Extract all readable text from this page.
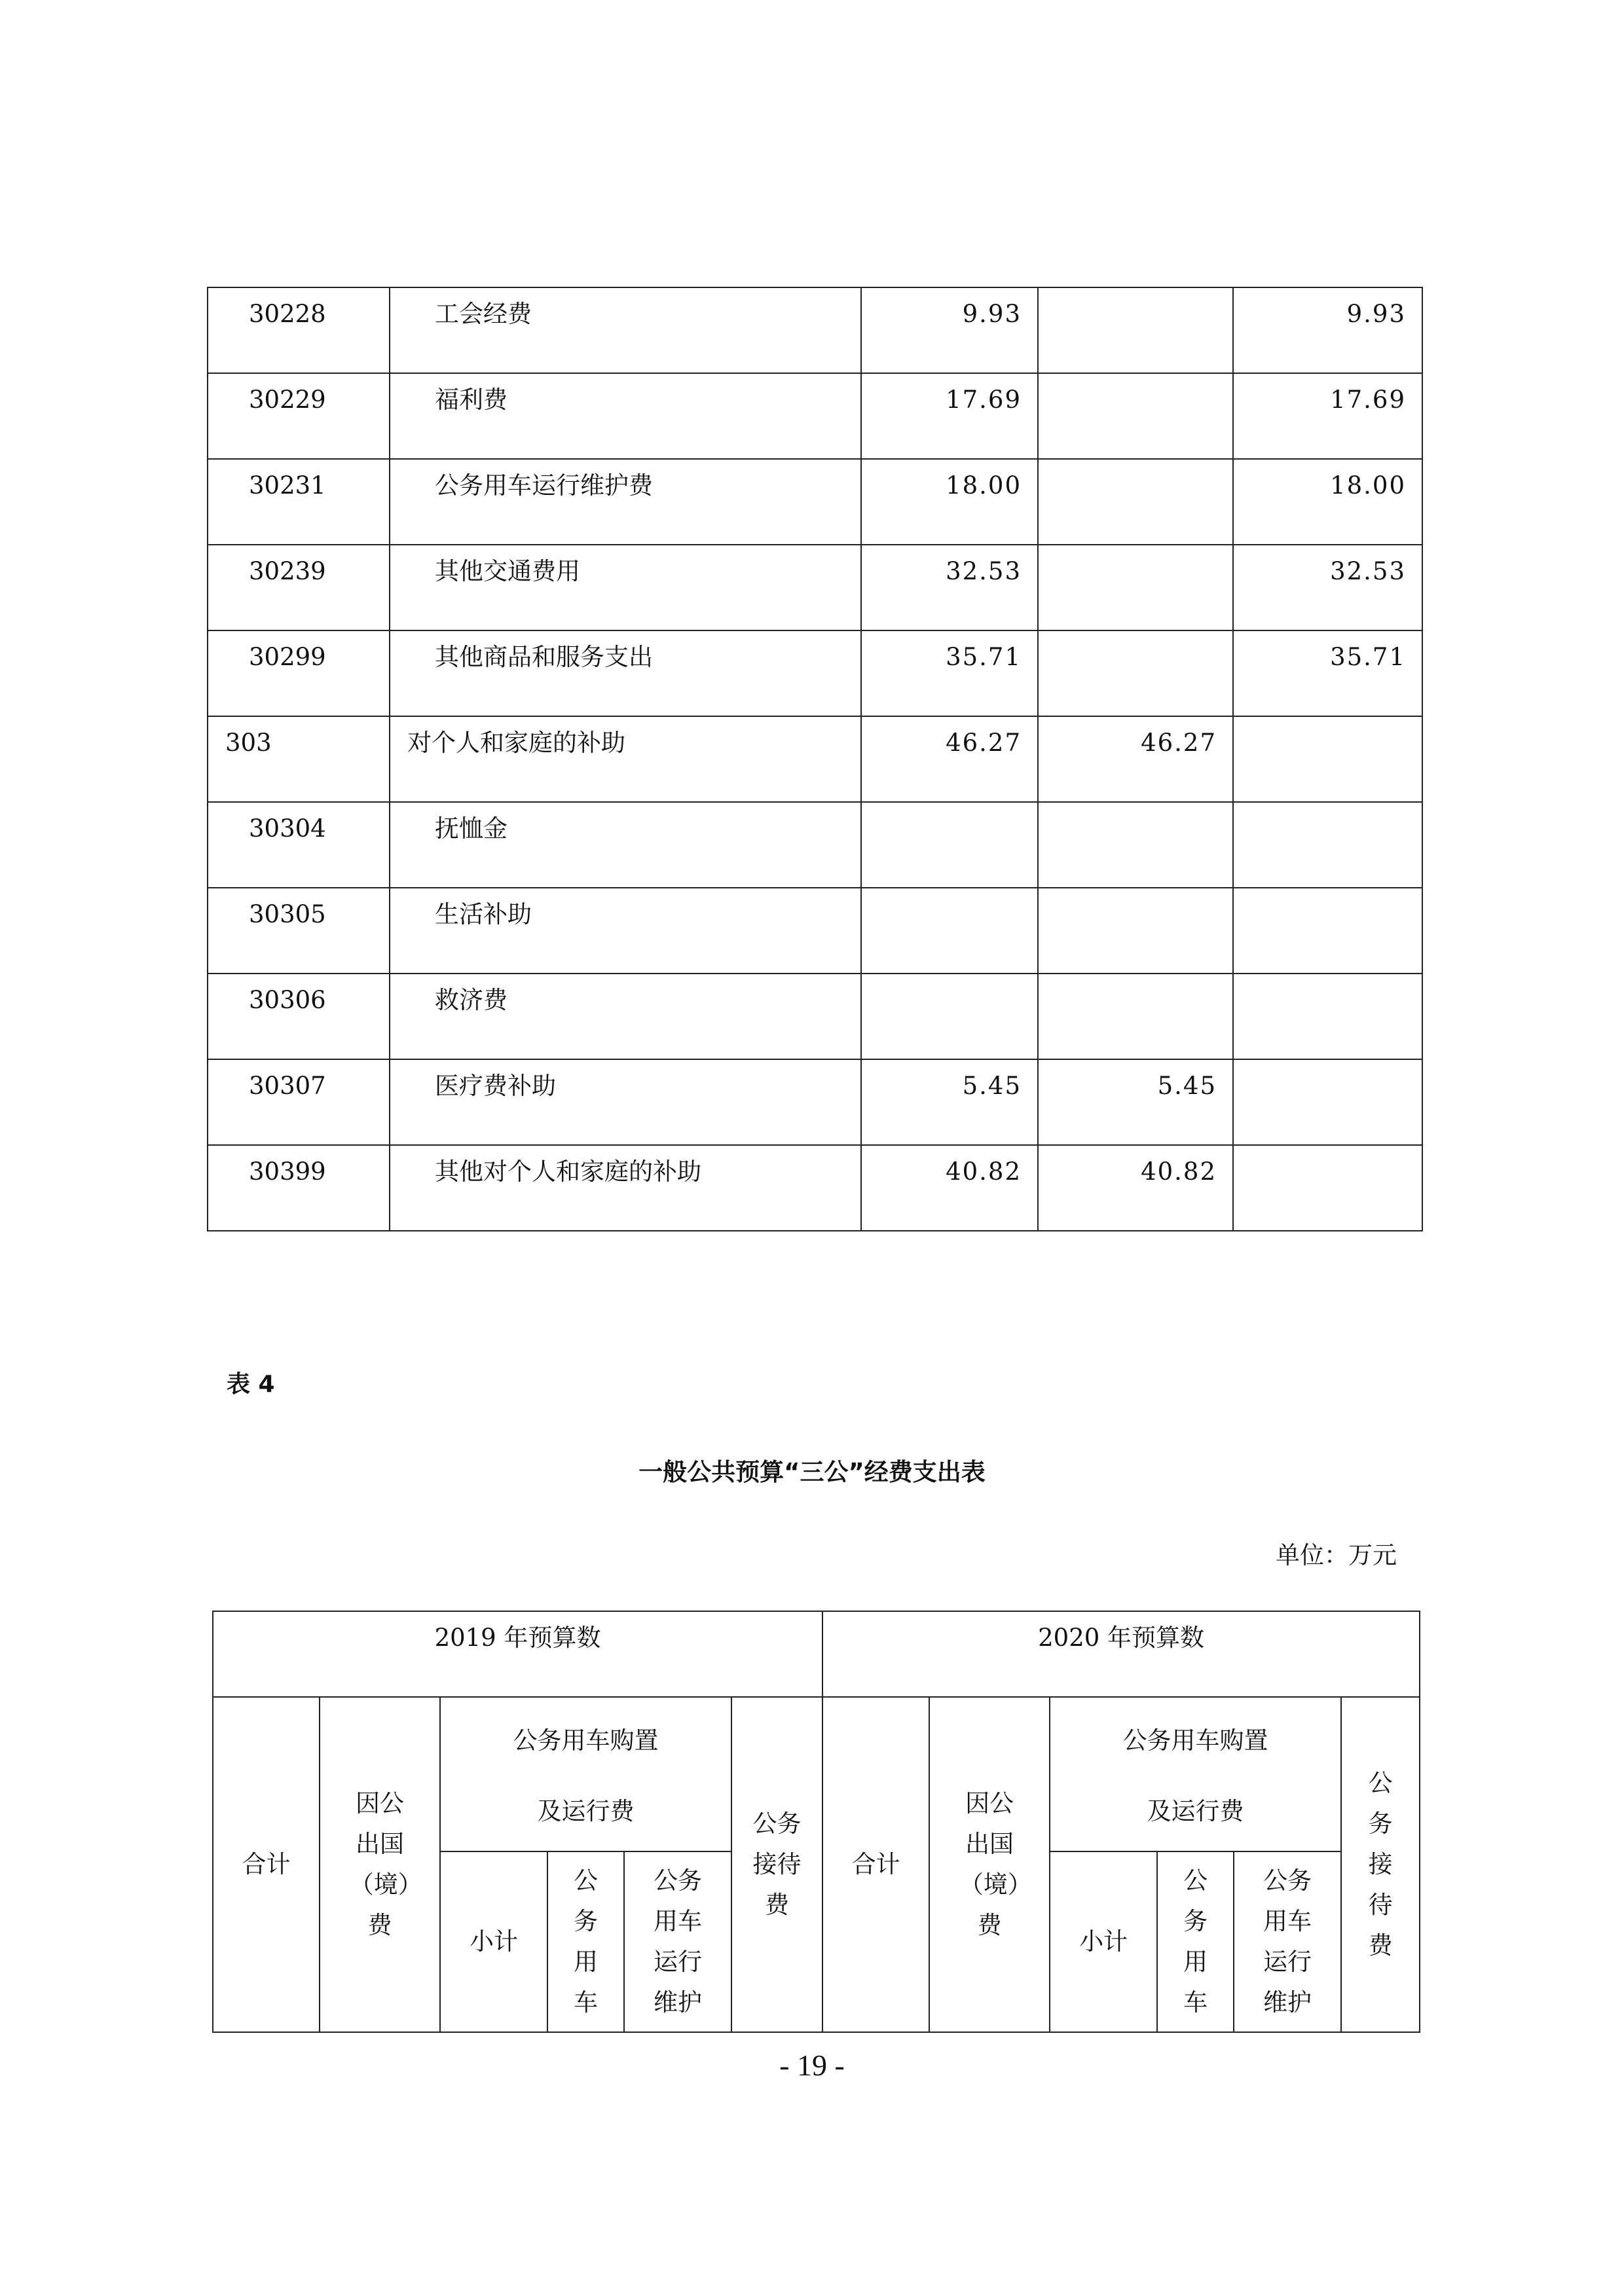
30228	工会经费	9.93		9.93
30229	福利费	17.69		17.69
30231	公务用车运行维护费	18.00		18.00
30239	其他交通费用	32.53		32.53
30299	其他商品和服务支出	35.71		35.71
303	对个人和家庭的补助	46.27	46.27	
30304	抚恤金			
30305	生活补助			
30306	救济费			
30307	医疗费补助	5.45	5.45	
30399	其他对个人和家庭的补助	40.82	40.82	
表 4
一般公共预算“三公”经费支出表
单位：万元
2019 年预算数						2020 年预算数					
合计	因公出国（境）费	公务用车购置及运行费			公务接待费	合计	因公出国（境）费	公务用车购置及运行费			公务接待费
		小计	公务用车	公务用车运行维护				小计	公务用车	公务用车运行维护	
- 19 -
